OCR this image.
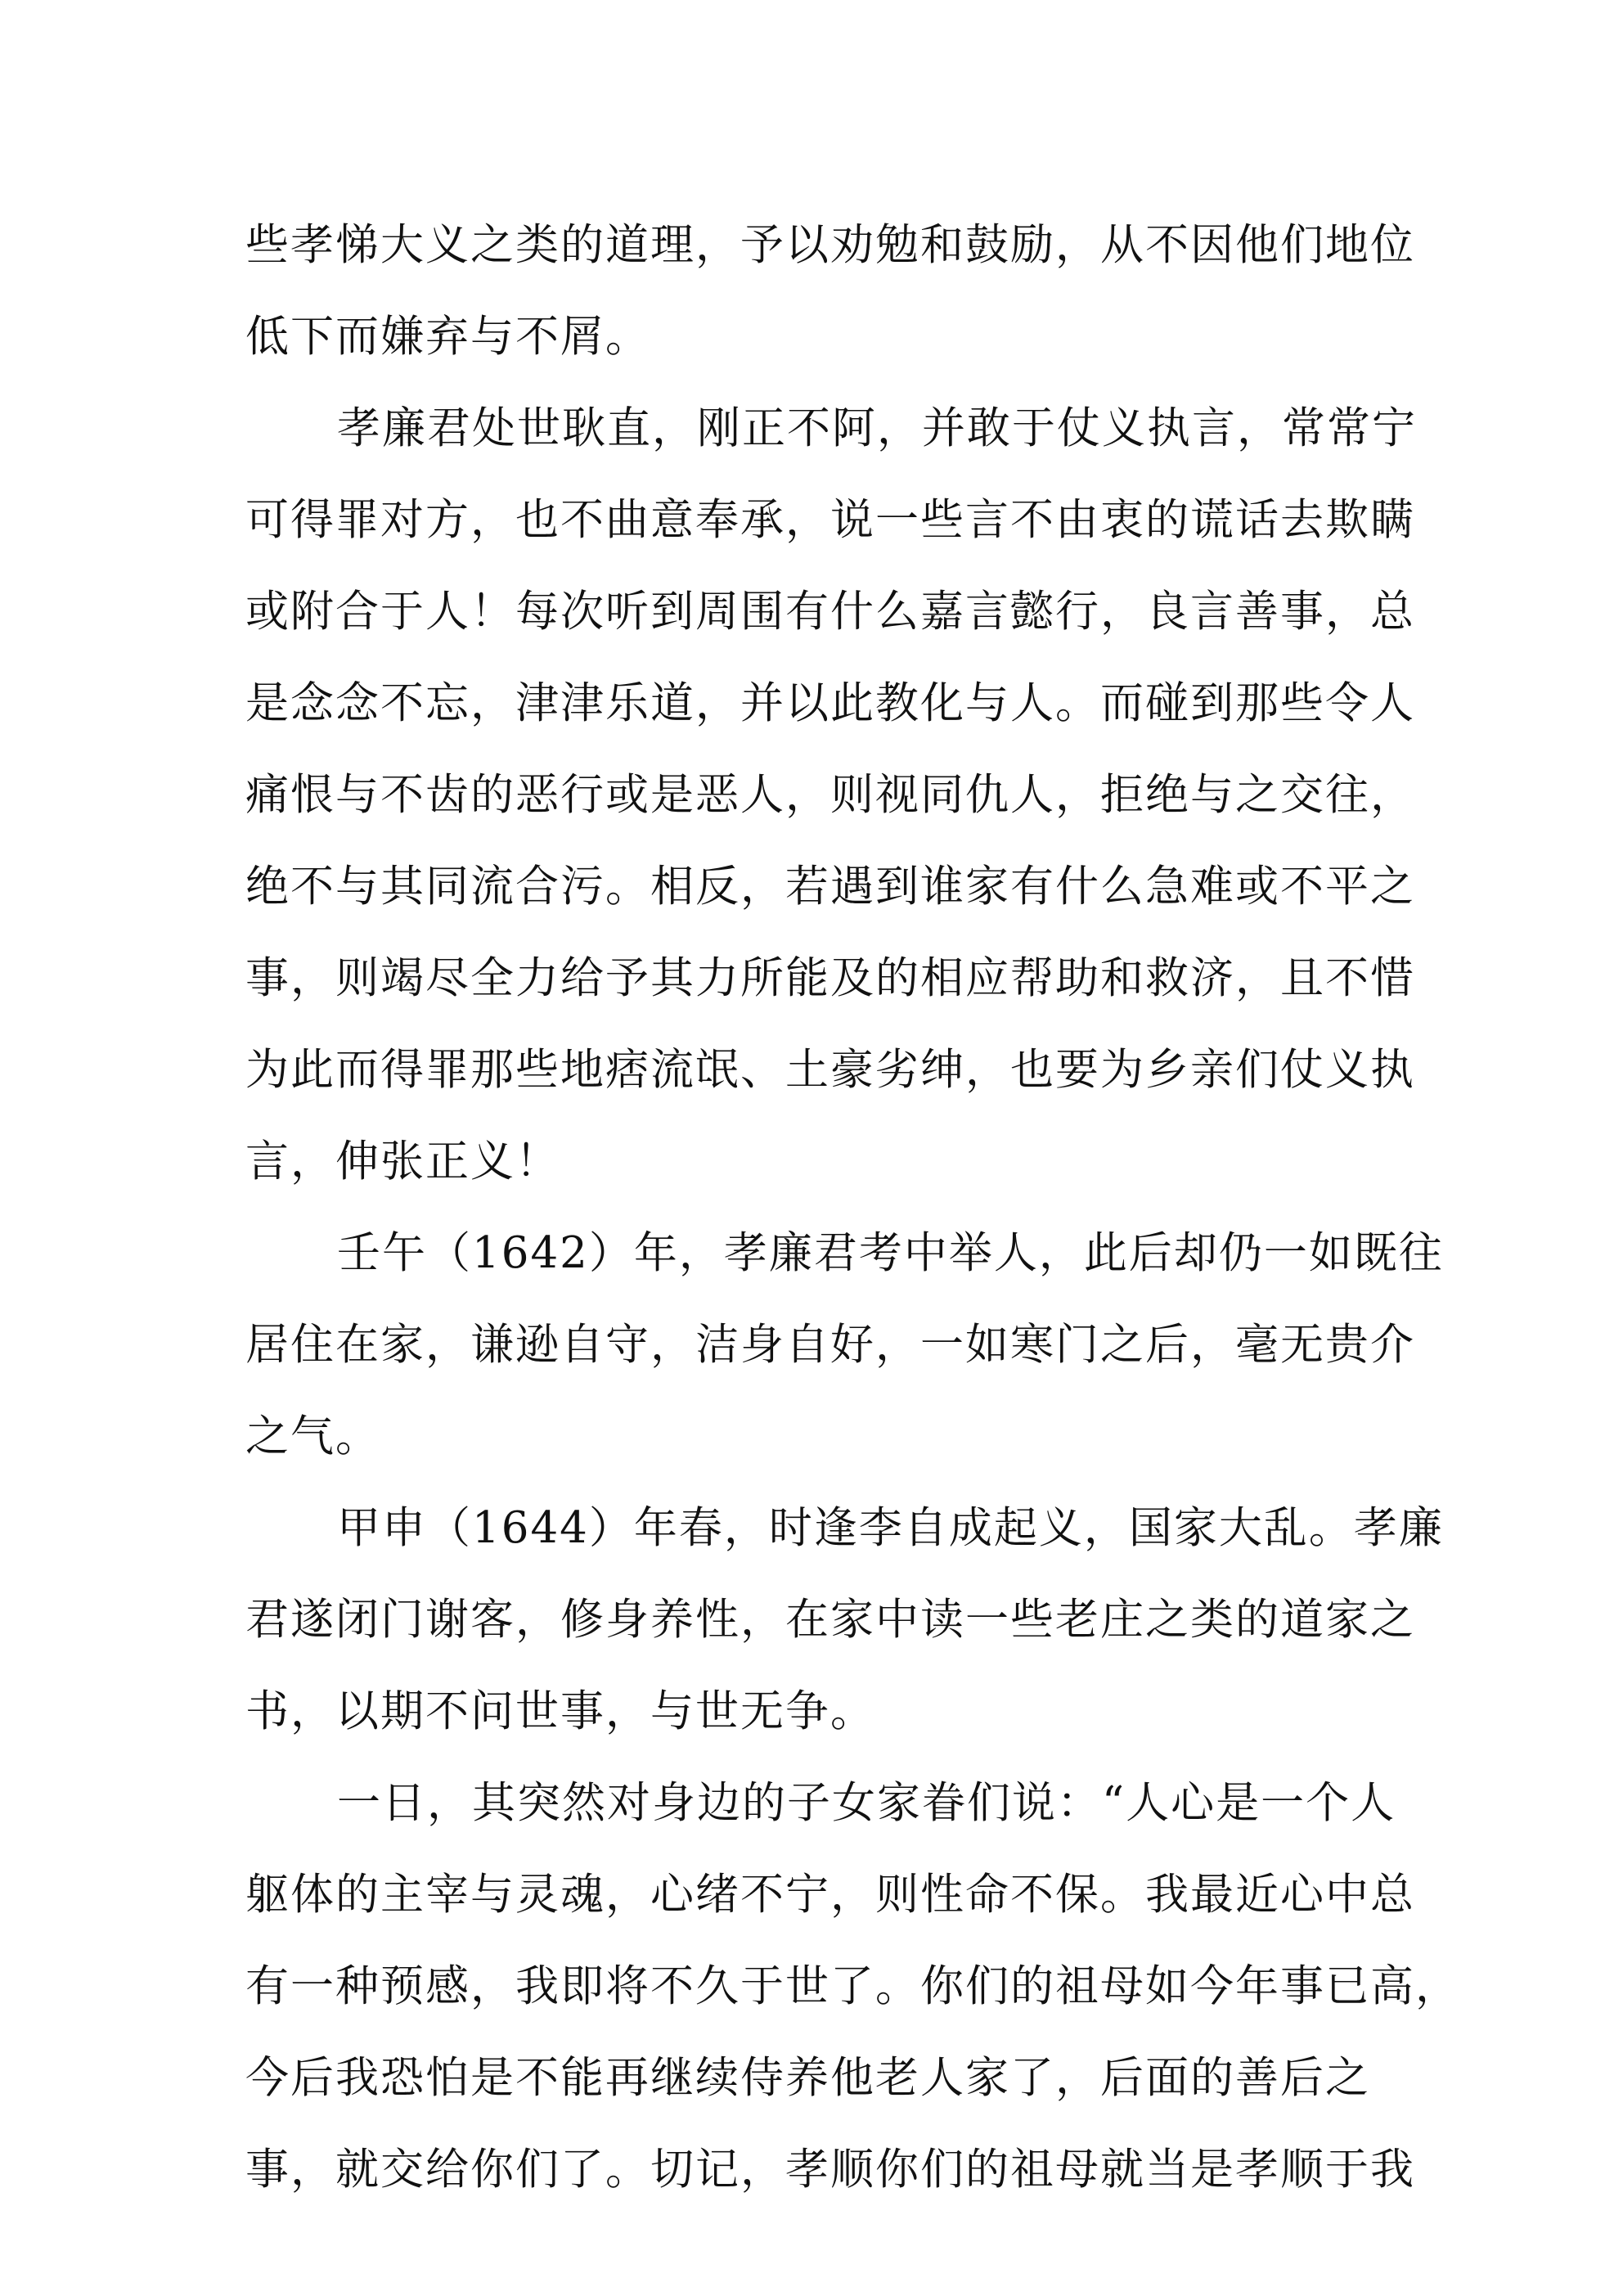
些孝悌大义之类的道理，予以劝勉和鼓励，从不因他们地位
低下而嫌弃与不屑。
孝廉君处世耿直，刚正不阿，并敢于仗义执言，常常宁
可得罪对方，也不曲意奉承，说一些言不由衷的谎话去欺瞒
或附合于人！每次听到周围有什么嘉言懿行，良言善事，总
是念念不忘，津津乐道，并以此教化与人。而碰到那些令人
痛恨与不齿的恶行或是恶人，则视同仇人，拒绝与之交往，
绝不与其同流合污。相反，若遇到谁家有什么急难或不平之
事，则竭尽全力给予其力所能及的相应帮助和救济，且不惜
为此而得罪那些地痞流氓、土豪劣绅，也要为乡亲们仗义执
言，伸张正义！
壬午（1642）年，孝廉君考中举人，此后却仍一如既往
居住在家，谦逊自守，洁身自好，一如寒门之后，毫无贵介
之气。
甲申（1644）年春，时逢李自成起义，国家大乱。孝廉
君遂闭门谢客，修身养性，在家中读一些老庄之类的道家之
书，以期不问世事，与世无争。
一日，其突然对身边的子女家眷们说：“人心是一个人
躯体的主宰与灵魂，心绪不宁，则性命不保。我最近心中总
有一种预感，我即将不久于世了。你们的祖母如今年事已高，
今后我恐怕是不能再继续侍养他老人家了，后面的善后之
事，就交给你们了。切记，孝顺你们的祖母就当是孝顺于我
